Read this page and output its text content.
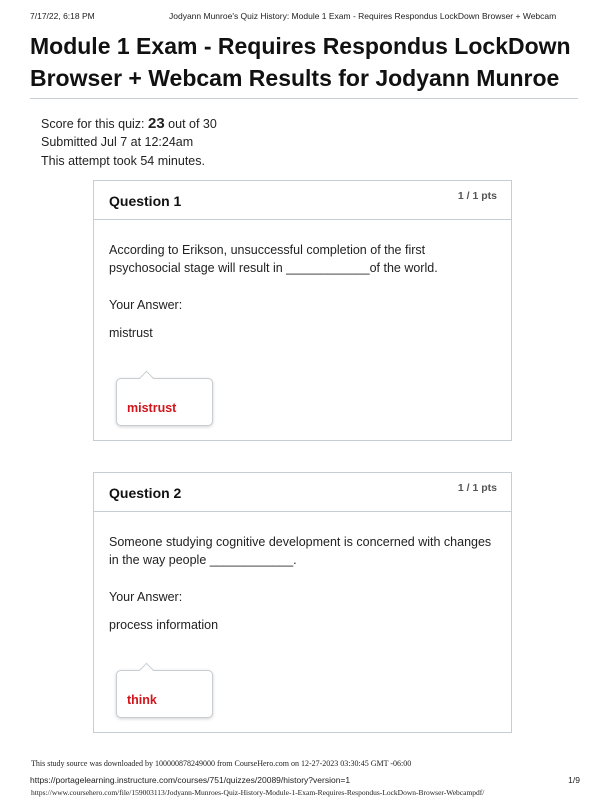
7/17/22, 6:18 PM	Jodyann Munroe's Quiz History: Module 1 Exam - Requires Respondus LockDown Browser + Webcam
Module 1 Exam - Requires Respondus LockDown Browser + Webcam Results for Jodyann Munroe
Score for this quiz: 23 out of 30
Submitted Jul 7 at 12:24am
This attempt took 54 minutes.
Question 1	1 / 1 pts
According to Erikson, unsuccessful completion of the first psychosocial stage will result in ____________of the world.
Your Answer:
mistrust
mistrust
Question 2	1 / 1 pts
Someone studying cognitive development is concerned with changes in the way people ____________.
Your Answer:
process information
think
This study source was downloaded by 100000878249000 from CourseHero.com on 12-27-2023 03:30:45 GMT -06:00
https://portagelearning.instructure.com/courses/751/quizzes/20089/history?version=1	1/9
https://www.coursehero.com/file/159003113/Jodyann-Munroes-Quiz-History-Module-1-Exam-Requires-Respondus-LockDown-Browser-Webcampdf/
